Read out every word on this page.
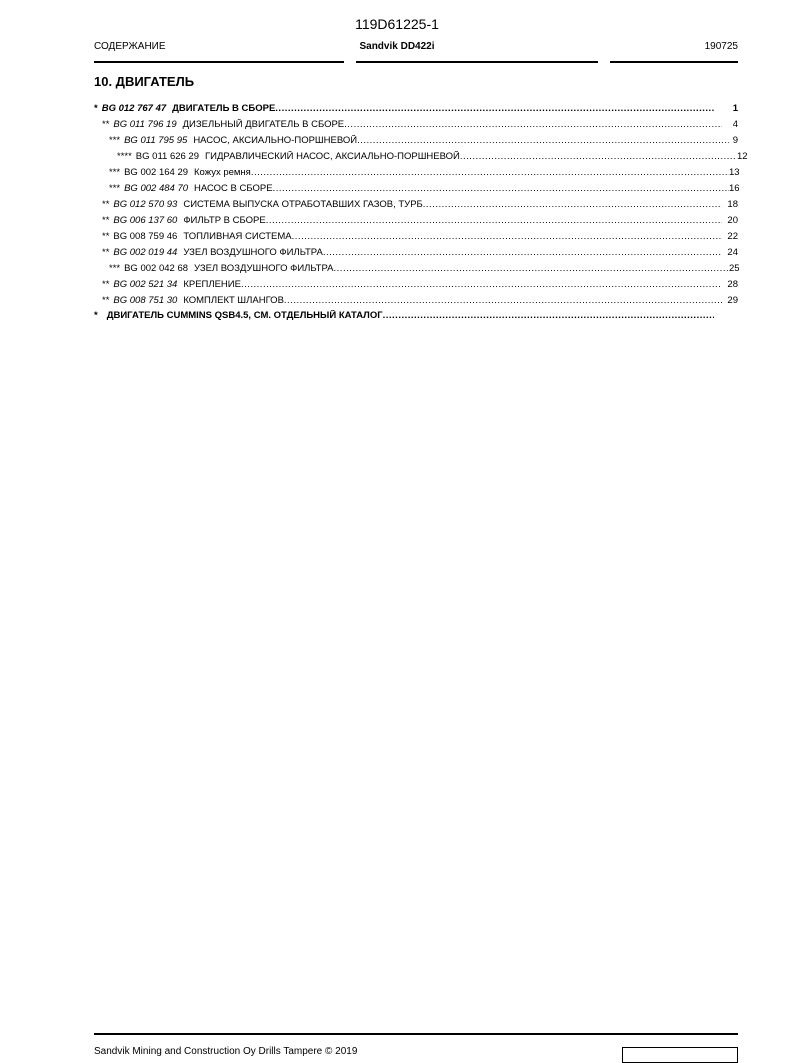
119D61225-1
СОДЕРЖАНИЕ	Sandvik DD422i	190725
10. ДВИГАТЕЛЬ
* BG 012 767 47 ДВИГАТЕЛЬ В СБОРЕ .....	1
** BG 011 796 19 ДИЗЕЛЬНЫЙ ДВИГАТЕЛЬ В СБОРЕ .....	4
*** BG 011 795 95 НАСОС, АКСИАЛЬНО-ПОРШНЕВОЙ .....	9
**** BG 011 626 29 ГИДРАВЛИЧЕСКИЙ НАСОС, АКСИАЛЬНО-ПОРШНЕВОЙ .....	12
*** BG 002 164 29 Кожух ремня .....	13
*** BG 002 484 70 НАСОС В СБОРЕ .....	16
** BG 012 570 93 СИСТЕМА ВЫПУСКА ОТРАБОТАВШИХ ГАЗОВ, ТУРБ .....	18
** BG 006 137 60 ФИЛЬТР В СБОРЕ .....	20
** BG 008 759 46 ТОПЛИВНАЯ СИСТЕМА .....	22
** BG 002 019 44 УЗЕЛ ВОЗДУШНОГО ФИЛЬТРА .....	24
*** BG 002 042 68 УЗЕЛ ВОЗДУШНОГО ФИЛЬТРА .....	25
** BG 002 521 34 КРЕПЛЕНИЕ .....	28
** BG 008 751 30 КОМПЛЕКТ ШЛАНГОВ .....	29
* ДВИГАТЕЛЬ CUMMINS QSB4.5, СМ. ОТДЕЛЬНЫЙ КАТАЛОГ
.....
Sandvik Mining and Construction Oy Drills Tampere © 2019
